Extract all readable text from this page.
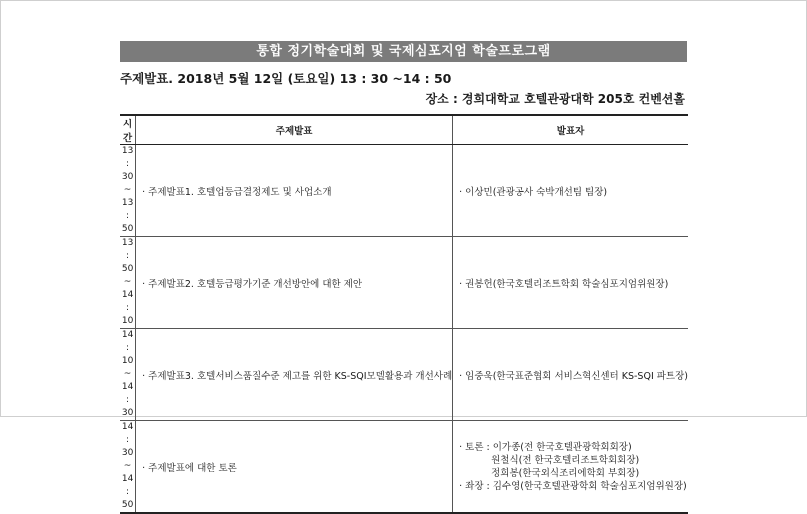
통합 정기학술대회 및 국제심포지엄 학술프로그램
주제발표. 2018년 5월 12일 (토요일) 13 : 30 ~14 : 50
장소 : 경희대학교 호텔관광대학 205호 컨벤션홀
시간	주제발표	발표자

13 : 30
~
13 : 50	· 주제발표1. 호텔업등급결정제도 및 사업소개	· 이상민(관광공사 숙박개선팀 팀장)

13 : 50
~
14 : 10	· 주제발표2. 호텔등급평가기준 개선방안에 대한 제안	· 권봉헌(한국호텔리조트학회 학술심포지엄위원장)

14 : 10
~
14 : 30	· 주제발표3. 호텔서비스품질수준 제고를 위한 KS-SQI모델활용과 개선사례	· 임중욱(한국표준협회 서비스혁신센터 KS-SQI 파트장)

14 : 30
~
14 : 50	· 주제발표에 대한 토론	· 토론 : 이가종(전 한국호텔관광학회회장)
원철식(전 한국호텔리조트학회회장)
정희봉(한국외식조리에학회 부회장)
· 좌장 : 김수영(한국호텔관광학회 학술심포지엄위원장)
